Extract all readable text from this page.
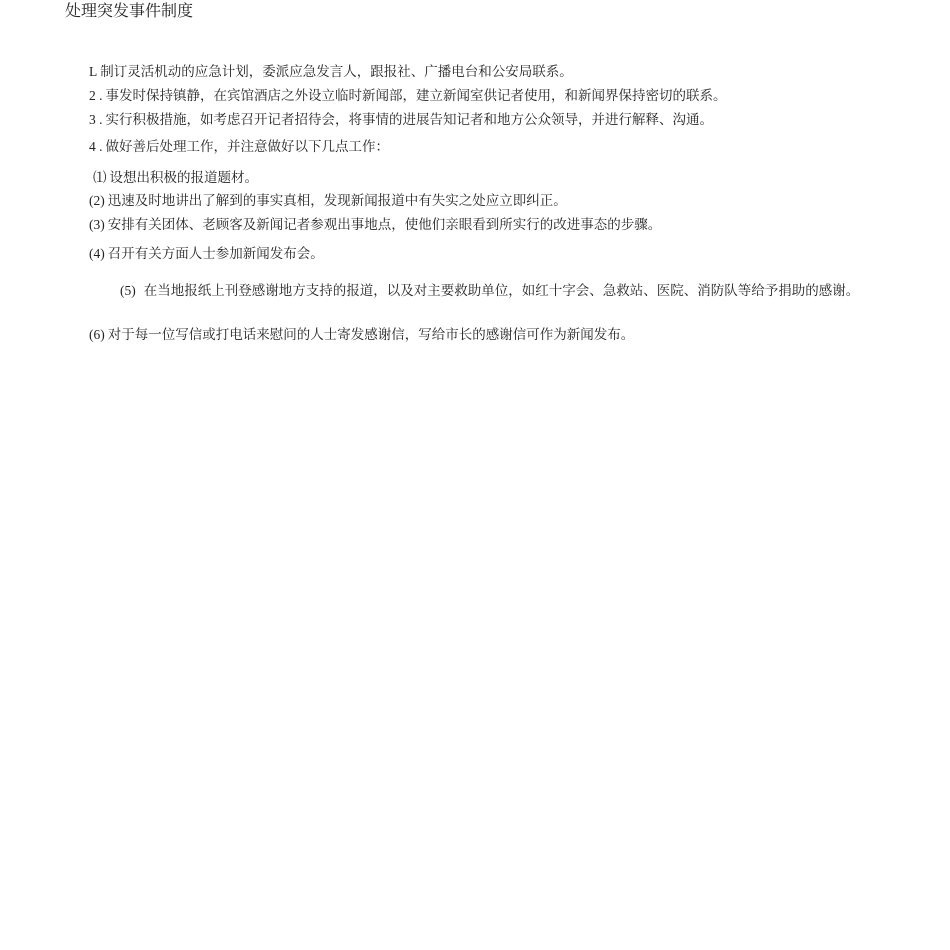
处理突发事件制度
L 制订灵活机动的应急计划，委派应急发言人，跟报社、广播电台和公安局联系。
2 . 事发时保持镇静，在宾馆酒店之外设立临时新闻部，建立新闻室供记者使用，和新闻界保持密切的联系。
3 . 实行积极措施，如考虑召开记者招待会，将事情的进展告知记者和地方公众领导，并进行解释、沟通。
4 . 做好善后处理工作，并注意做好以下几点工作：
⑴ 设想出积极的报道题材。
(2) 迅速及时地讲出了解到的事实真相，发现新闻报道中有失实之处应立即纠正。
(3) 安排有关团体、老顾客及新闻记者参观出事地点，使他们亲眼看到所实行的改进事态的步骤。
(4) 召开有关方面人士参加新闻发布会。
(5) 在当地报纸上刊登感谢地方支持的报道，以及对主要救助单位，如红十字会、急救站、医院、消防队等给予捐助的感谢。
(6) 对于每一位写信或打电话来慰问的人士寄发感谢信，写给市长的感谢信可作为新闻发布。
